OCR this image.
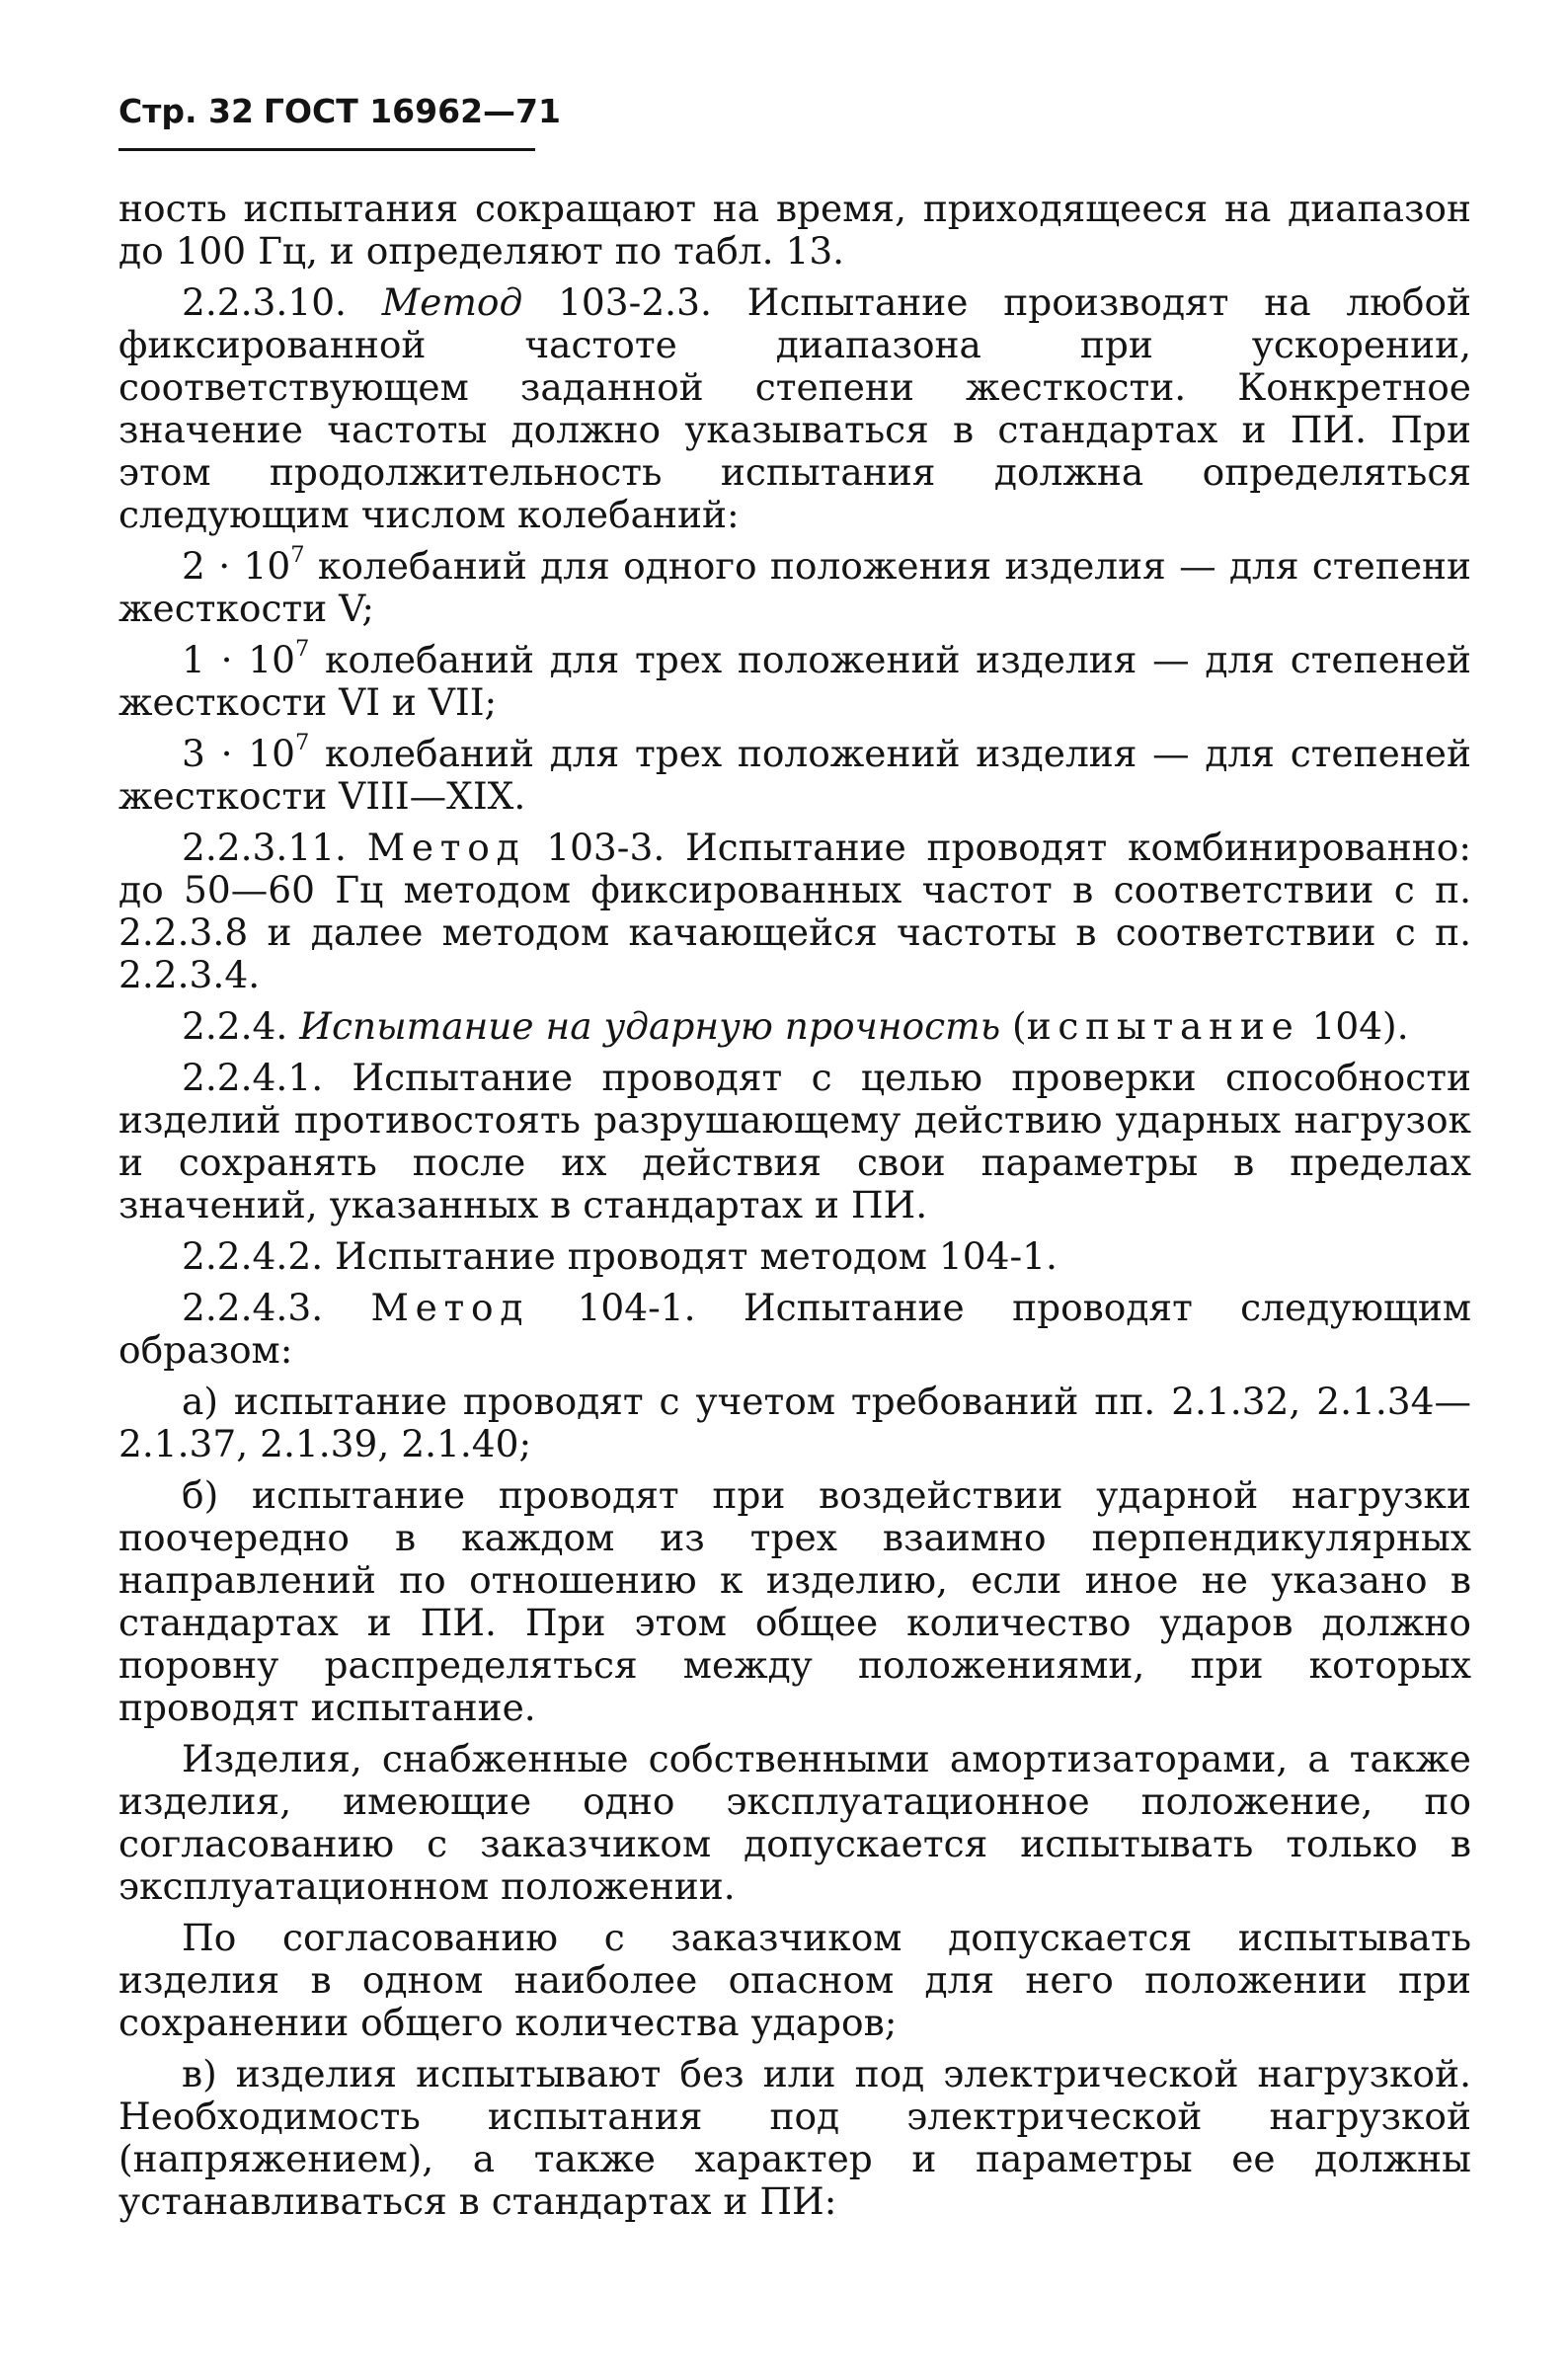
Стр. 32 ГОСТ 16962—71

ность испытания сокращают на время, приходящееся на диапазон до 100 Гц, и определяют по табл. 13.

2.2.3.10. Метод 103-2.3. Испытание производят на любой фиксированной частоте диапазона при ускорении, соответствующем заданной степени жесткости. Конкретное значение частоты должно указываться в стандартах и ПИ. При этом продолжительность испытания должна определяться следующим числом колебаний:

$2 \cdot 10^7$ колебаний для одного положения изделия — для степени жесткости V;

$1 \cdot 10^7$ колебаний для трех положений изделия — для степеней жесткости VI и VII;

$3 \cdot 10^7$ колебаний для трех положений изделия — для степеней жесткости VIII—XIX.

2.2.3.11. Метод 103-3. Испытание проводят комбинированно: до 50—60 Гц методом фиксированных частот в соответствии с п. 2.2.3.8 и далее методом качающейся частоты в соответствии с п. 2.2.3.4.

2.2.4. Испытание на ударную прочность (испытание 104).

2.2.4.1. Испытание проводят с целью проверки способности изделий противостоять разрушающему действию ударных нагрузок и сохранять после их действия свои параметры в пределах значений, указанных в стандартах и ПИ.

2.2.4.2. Испытание проводят методом 104-1.

2.2.4.3. Метод 104-1. Испытание проводят следующим образом:

а) испытание проводят с учетом требований пп. 2.1.32, 2.1.34— 2.1.37, 2.1.39, 2.1.40;

б) испытание проводят при воздействии ударной нагрузки поочередно в каждом из трех взаимно перпендикулярных направлений по отношению к изделию, если иное не указано в стандартах и ПИ. При этом общее количество ударов должно поровну распределяться между положениями, при которых проводят испытание.

Изделия, снабженные собственными амортизаторами, а также изделия, имеющие одно эксплуатационное положение, по согласованию с заказчиком допускается испытывать только в эксплуатационном положении.

По согласованию с заказчиком допускается испытывать изделия в одном наиболее опасном для него положении при сохранении общего количества ударов;

в) изделия испытывают без или под электрической нагрузкой. Необходимость испытания под электрической нагрузкой (напряжением), а также характер и параметры ее должны устанавливаться в стандартах и ПИ:
